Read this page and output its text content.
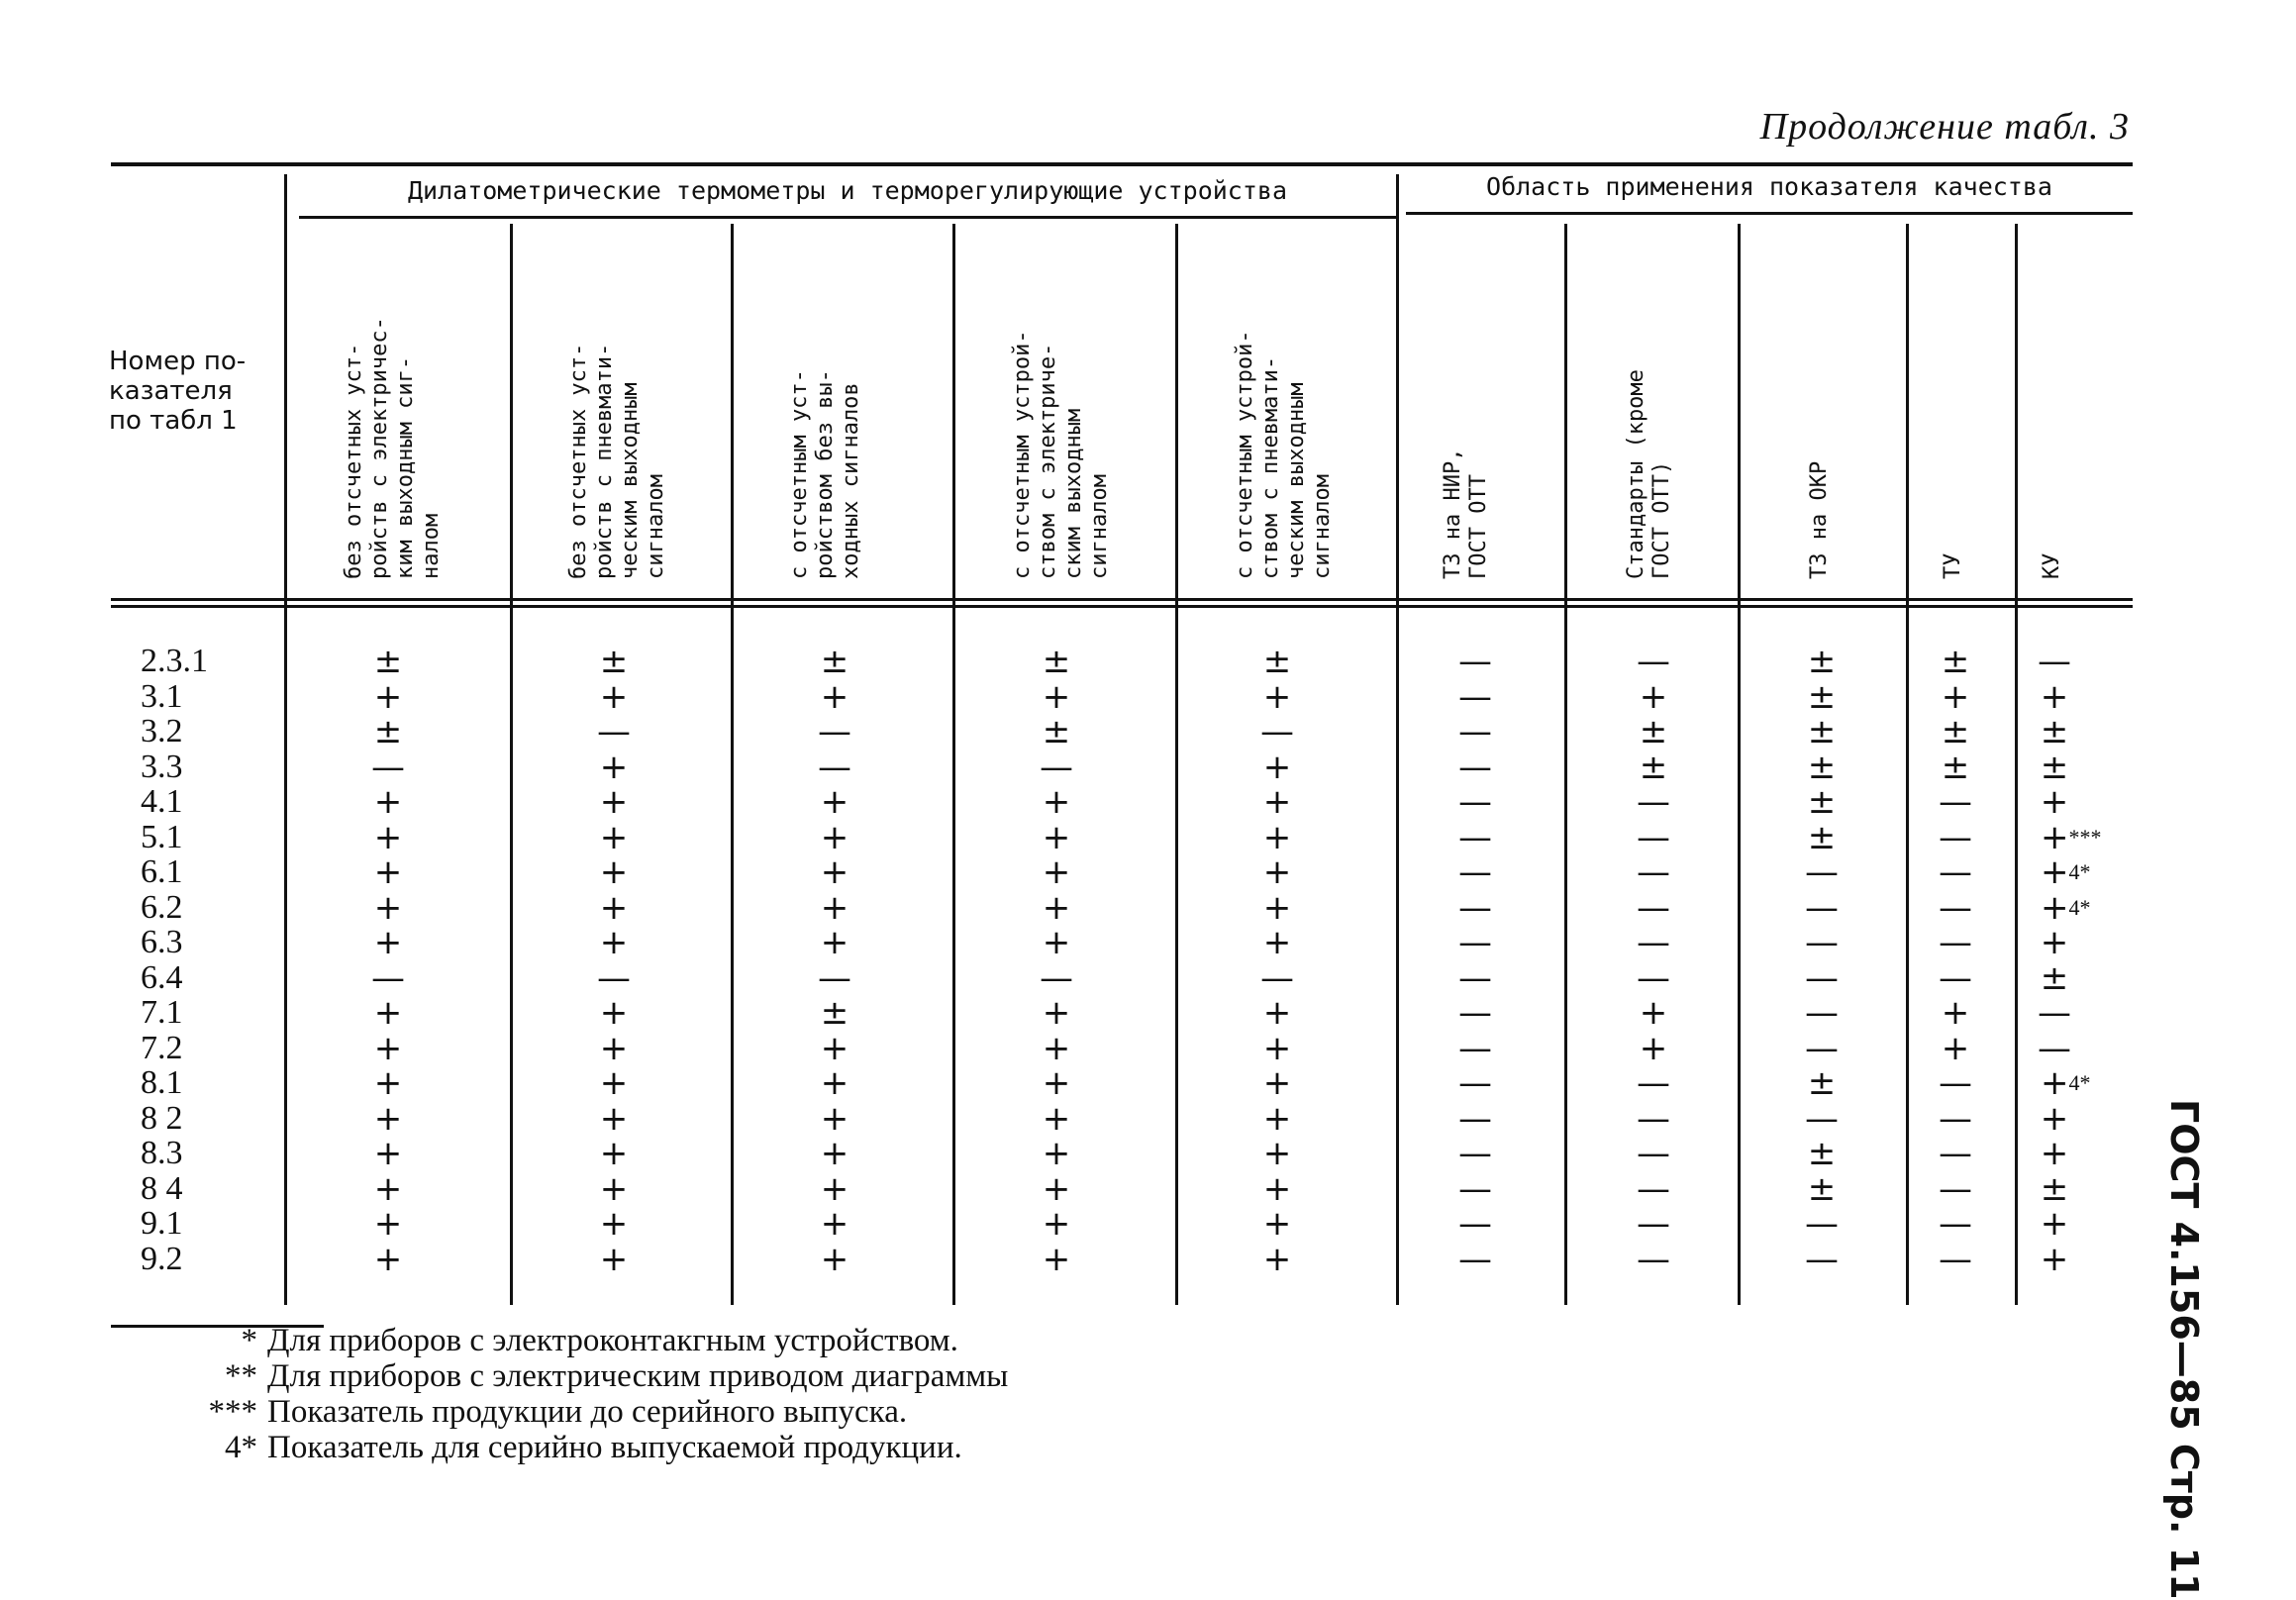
Продолжение табл. 3
Дилатометрические термометры и терморегулирующие устройства	Область применения показателя качества
Номер по-
казателя
по табл 1
без отсчетных уст-
ройств с электричес-
ким выходным сиг-
налом	без отсчетных уст-
ройств с пневмати-
ческим выходным
сигналом	с отсчетным уст-
ройством без вы-
ходных сигналов
с отсчетным устрой-
ством с электриче-
ским выходным
сигналом	с отсчетным устрой-
ством с пневмати-
ческим выходным
сигналом	ТЗ на НИР,
ГОСТ ОТТ	Стандарты (кроме
ГОСТ ОТТ)	ТЗ на ОКР	ТУ	КУ
2.3.1	±	±	±	±	±	—	—	±	±	—
3.1	+	+	+	+	+	—	+	±	+	+
3.2	±	—	—	±	—	—	±	±	±	±
3.3	—	+	—	—	+	—	±	±	±	±
4.1	+	+	+	+	+	—	—	±	—	+
5.1	+	+	+	+	+	—	—	±	—	+***
6.1	+	+	+	+	+	—	—	—	—	+$^{4*}$
6.2	+	+	+	+	+	—	—	—	—	+$^{4*}$
6.3	+	+	+	+	+	—	—	—	—	+
6.4	—	—	—	—	—	—	—	—	—	±
7.1	+	+	±	+	+	—	+	—	+	—
7.2	+	+	+	+	+	—	+	—	+	—
8.1	+	+	+	+	+	—	—	±	—	+$^{4*}$
8 2	+	+	+	+	+	—	—	—	—	+
8.3	+	+	+	+	+	—	—	±	—	+
8 4	+	+	+	+	+	—	—	±	—	±
9.1	+	+	+	+	+	—	—	—	—	+
9.2	+	+	+	+	+	—	—	—	—	+
* Для приборов с электроконтакгным устройством.
** Для приборов с электрическим приводом диаграммы
*** Показатель продукции до серийного выпуска.
4* Показатель для серийно выпускаемой продукции.	ГОСТ 4.156—85 Стр. 11
